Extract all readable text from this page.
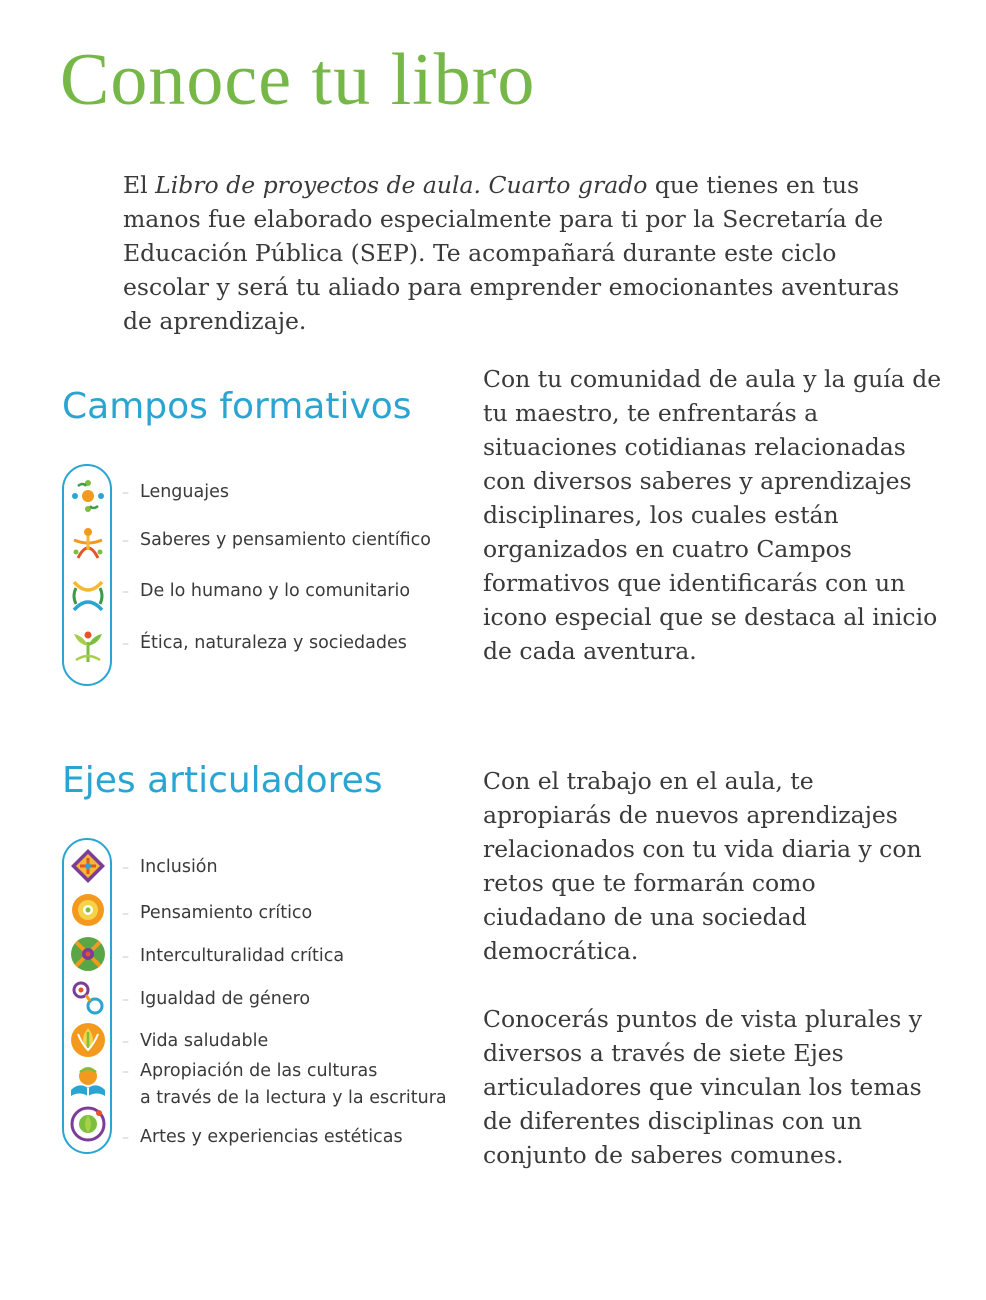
Conoce tu libro

El Libro de proyectos de aula. Cuarto grado que tienes en tus manos fue elaborado especialmente para ti por la Secretaría de Educación Pública (SEP). Te acompañará durante este ciclo escolar y será tu aliado para emprender emocionantes aventuras de aprendizaje.

Campos formativos

– Lenguajes

– Saberes y pensamiento científico

– De lo humano y lo comunitario

– Ética, naturaleza y sociedades

Con tu comunidad de aula y la guía de tu maestro, te enfrentarás a situaciones cotidianas relacionadas con diversos saberes y aprendizajes disciplinares, los cuales están organizados en cuatro Campos formativos que identificarás con un icono especial que se destaca al inicio de cada aventura.

Ejes articuladores

– Inclusión

– Pensamiento crítico

– Interculturalidad crítica

– Igualdad de género

– Vida saludable

– Apropiación de las culturas
a través de la lectura y la escritura

– Artes y experiencias estéticas

Con el trabajo en el aula, te apropiarás de nuevos aprendizajes relacionados con tu vida diaria y con retos que te formarán como ciudadano de una sociedad democrática.

Conocerás puntos de vista plurales y diversos a través de siete Ejes articuladores que vinculan los temas de diferentes disciplinas con un conjunto de saberes comunes.
